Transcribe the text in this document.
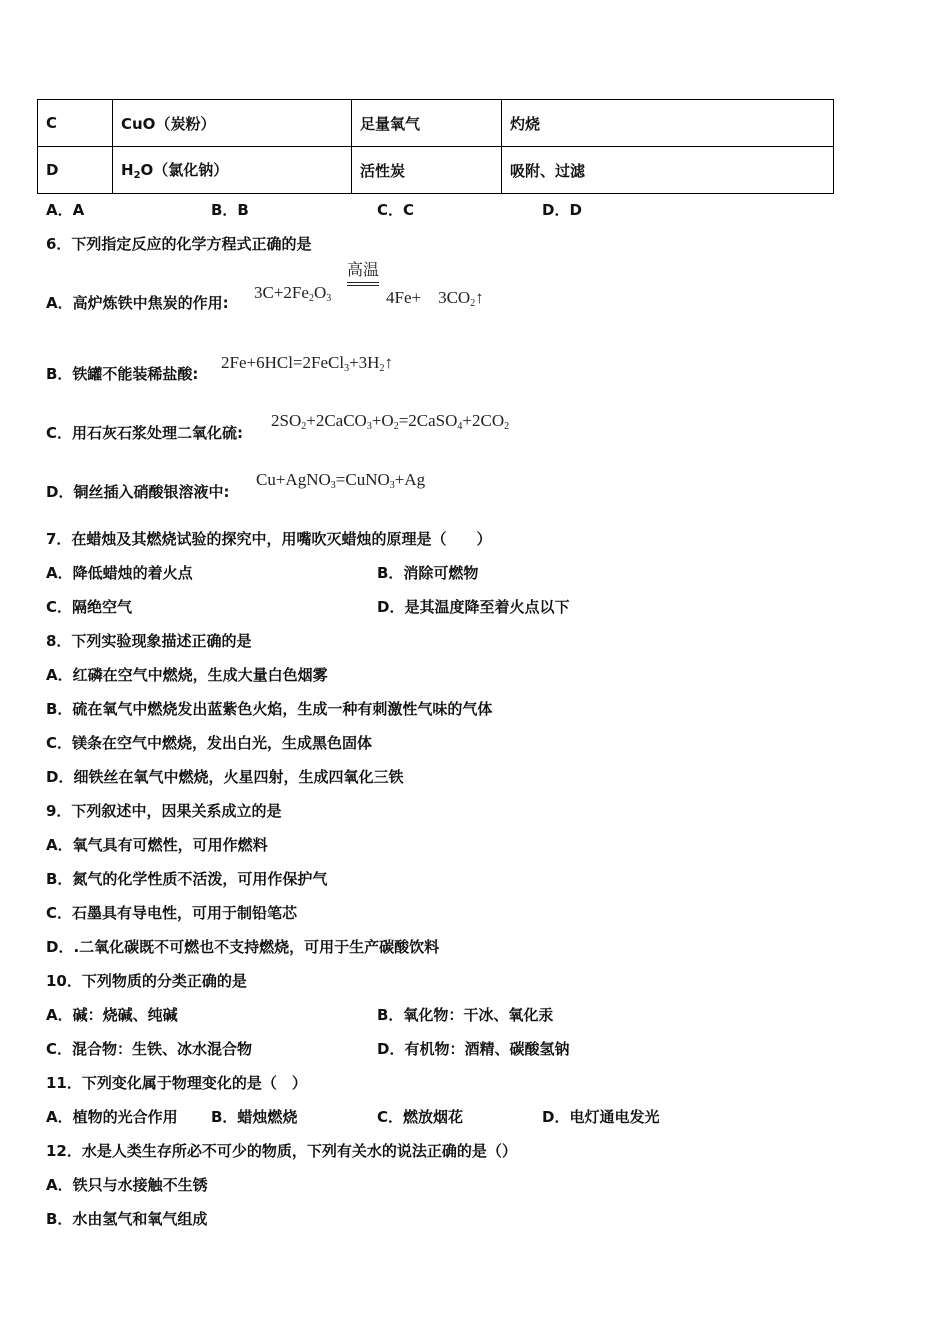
C	CuO（炭粉）	足量氧气	灼烧
D	$H_2O$（氯化钠）	活性炭	吸附、过滤
A．A	B．B	C．C	D．D
6．下列指定反应的化学方程式正确的是
A．高炉炼铁中焦炭的作用:
$3C+2Fe_2O_3$
高温
4Fe+　$3CO_2↑$
B．铁罐不能装稀盐酸:
$2Fe+6HCl=2FeCl_3+3H_2↑$
C．用石灰石浆处理二氧化硫:
$2SO_2+2CaCO_3+O_2=2CaSO_4+2CO_2$
D．铜丝插入硝酸银溶液中:
Cu+AgNO$_3$=CuNO$_3$+Ag
7．在蜡烛及其燃烧试验的探究中，用嘴吹灭蜡烛的原理是（　　）
A．降低蜡烛的着火点	B．消除可燃物
C．隔绝空气	D．是其温度降至着火点以下
8．下列实验现象描述正确的是
A．红磷在空气中燃烧，生成大量白色烟雾
B．硫在氧气中燃烧发出蓝紫色火焰，生成一种有刺激性气味的气体
C．镁条在空气中燃烧，发出白光，生成黑色固体
D．细铁丝在氧气中燃烧，火星四射，生成四氧化三铁
9．下列叙述中，因果关系成立的是
A．氧气具有可燃性，可用作燃料
B．氮气的化学性质不活泼，可用作保护气
C．石墨具有导电性，可用于制铅笔芯
D．.二氧化碳既不可燃也不支持燃烧，可用于生产碳酸饮料
10．下列物质的分类正确的是
A．碱：烧碱、纯碱	B．氧化物：干冰、氧化汞
C．混合物：生铁、冰水混合物	D．有机物：酒精、碳酸氢钠
11．下列变化属于物理变化的是（　）
A．植物的光合作用 B．蜡烛燃烧	C．燃放烟花	D．电灯通电发光
12．水是人类生存所必不可少的物质，下列有关水的说法正确的是（）
A．铁只与水接触不生锈
B．水由氢气和氧气组成
